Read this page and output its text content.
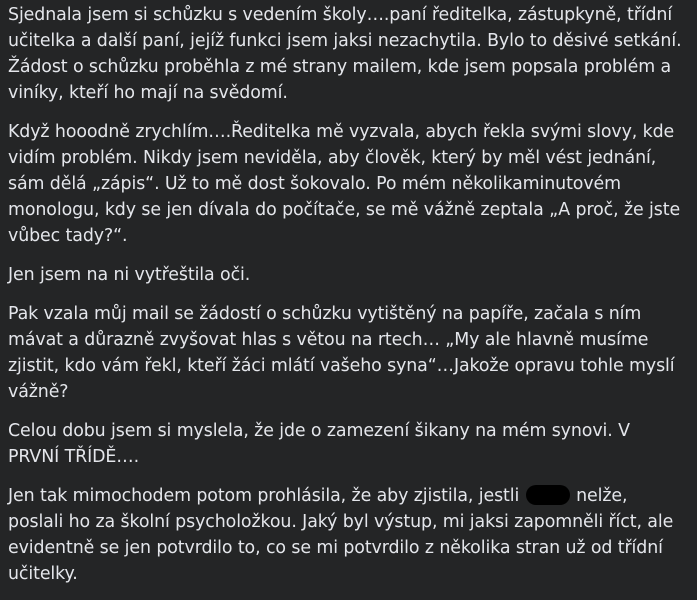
Sjednala jsem si schůzku s vedením školy….paní ředitelka, zástupkyně, třídní učitelka a další paní, jejíž funkci jsem jaksi nezachytila. Bylo to děsivé setkání. Žádost o schůzku proběhla z mé strany mailem, kde jsem popsala problém a viníky, kteří ho mají na svědomí.

Když hooodně zrychlím….Ředitelka mě vyzvala, abych řekla svými slovy, kde vidím problém. Nikdy jsem neviděla, aby člověk, který by měl vést jednání, sám dělá „zápis“. Už to mě dost šokovalo. Po mém několikaminutovém monologu, kdy se jen dívala do počítače, se mě vážně zeptala „A proč, že jste vůbec tady?“.

Jen jsem na ni vytřeštila oči.

Pak vzala můj mail se žádostí o schůzku vytištěný na papíře, začala s ním mávat a důrazně zvyšovat hlas s větou na rtech… „My ale hlavně musíme zjistit, kdo vám řekl, kteří žáci mlátí vašeho syna“…Jakože opravu tohle myslí vážně?

Celou dobu jsem si myslela, že jde o zamezení šikany na mém synovi. V PRVNÍ TŘÍDĚ….

Jen tak mimochodem potom prohlásila, že aby zjistila, jestli	nelže, poslali ho za školní psycholožkou. Jaký byl výstup, mi jaksi zapomněli říct, ale evidentně se jen potvrdilo to, co se mi potvrdilo z několika stran už od třídní učitelky.
